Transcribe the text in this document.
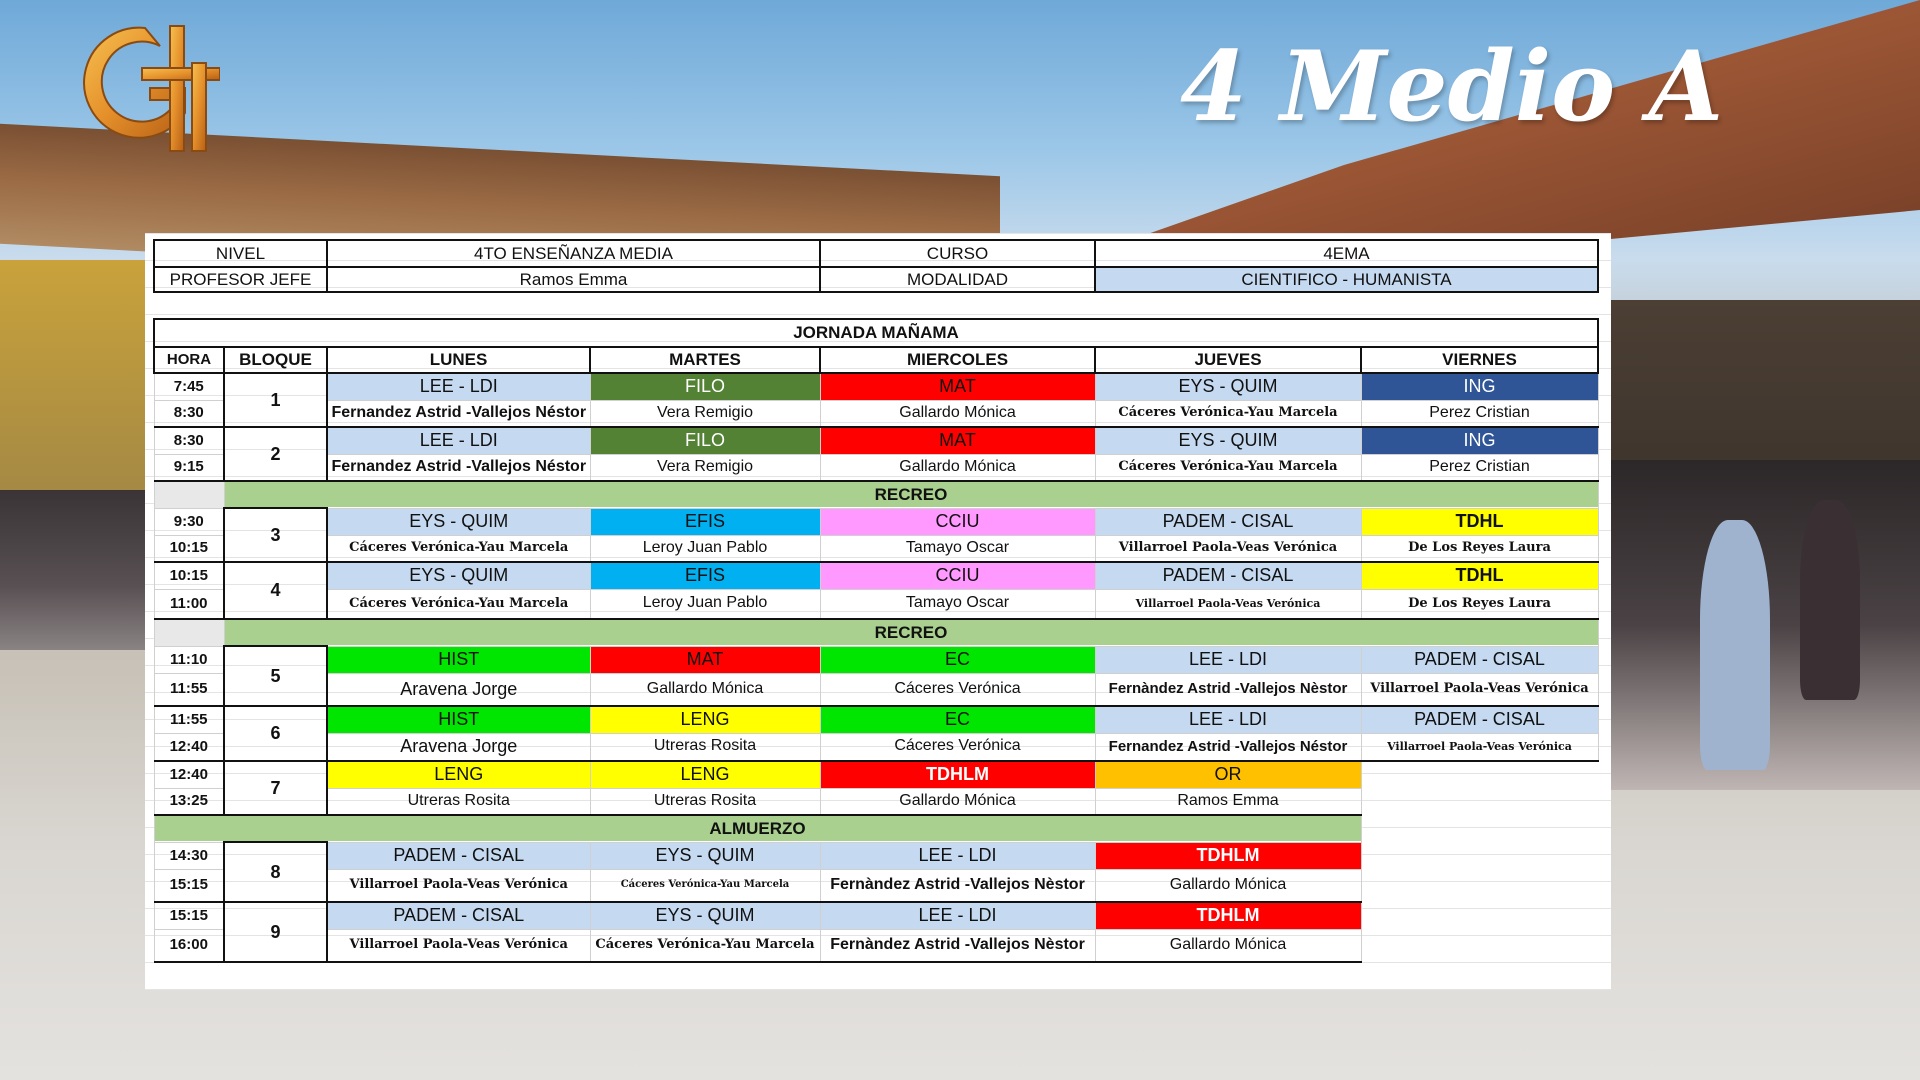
4 Medio A
NIVEL		4TO ENSEÑANZA MEDIA		CURSO	4EMA	
PROFESOR JEFE		Ramos Emma		MODALIDAD	CIENTIFICO - HUMANISTA	

JORNADA MAÑAMA						
HORA	BLOQUE	LUNES	MARTES	MIERCOLES	JUEVES	VIERNES
7:45	1	LEE - LDI	FILO	MAT	EYS - QUIM	ING
8:30		Fernandez Astrid -Vallejos Néstor	Vera Remigio	Gallardo Mónica	Cáceres Verónica-Yau Marcela	Perez Cristian
8:30	2	LEE - LDI	FILO	MAT	EYS - QUIM	ING
9:15		Fernandez Astrid -Vallejos Néstor	Vera Remigio	Gallardo Mónica	Cáceres Verónica-Yau Marcela	Perez Cristian
	RECREO					
9:30	3	EYS - QUIM	EFIS	CCIU	PADEM - CISAL	TDHL
10:15		Cáceres Verónica-Yau Marcela	Leroy Juan Pablo	Tamayo Oscar	Villarroel Paola-Veas Verónica	De Los Reyes Laura
10:15	4	EYS - QUIM	EFIS	CCIU	PADEM - CISAL	TDHL
11:00		Cáceres Verónica-Yau Marcela	Leroy Juan Pablo	Tamayo Oscar	Villarroel Paola-Veas Verónica	De Los Reyes Laura
	RECREO					
11:10	5	HIST	MAT	EC	LEE - LDI	PADEM - CISAL
11:55		Aravena Jorge	Gallardo Mónica	Cáceres Verónica	Fernàndez Astrid -Vallejos Nèstor	Villarroel Paola-Veas Verónica
11:55	6	HIST	LENG	EC	LEE - LDI	PADEM - CISAL
12:40		Aravena Jorge	Utreras Rosita	Cáceres Verónica	Fernandez Astrid -Vallejos Néstor	Villarroel Paola-Veas Verónica
12:40	7	LENG	LENG	TDHLM	OR	
13:25		Utreras Rosita	Utreras Rosita	Gallardo Mónica	Ramos Emma	
ALMUERZO						
14:30	8	PADEM - CISAL	EYS - QUIM	LEE - LDI	TDHLM	
15:15		Villarroel Paola-Veas Verónica	Cáceres Verónica-Yau Marcela	Fernàndez Astrid -Vallejos Nèstor	Gallardo Mónica	
15:15	9	PADEM - CISAL	EYS - QUIM	LEE - LDI	TDHLM	
16:00		Villarroel Paola-Veas Verónica	Cáceres Verónica-Yau Marcela	Fernàndez Astrid -Vallejos Nèstor	Gallardo Mónica	
